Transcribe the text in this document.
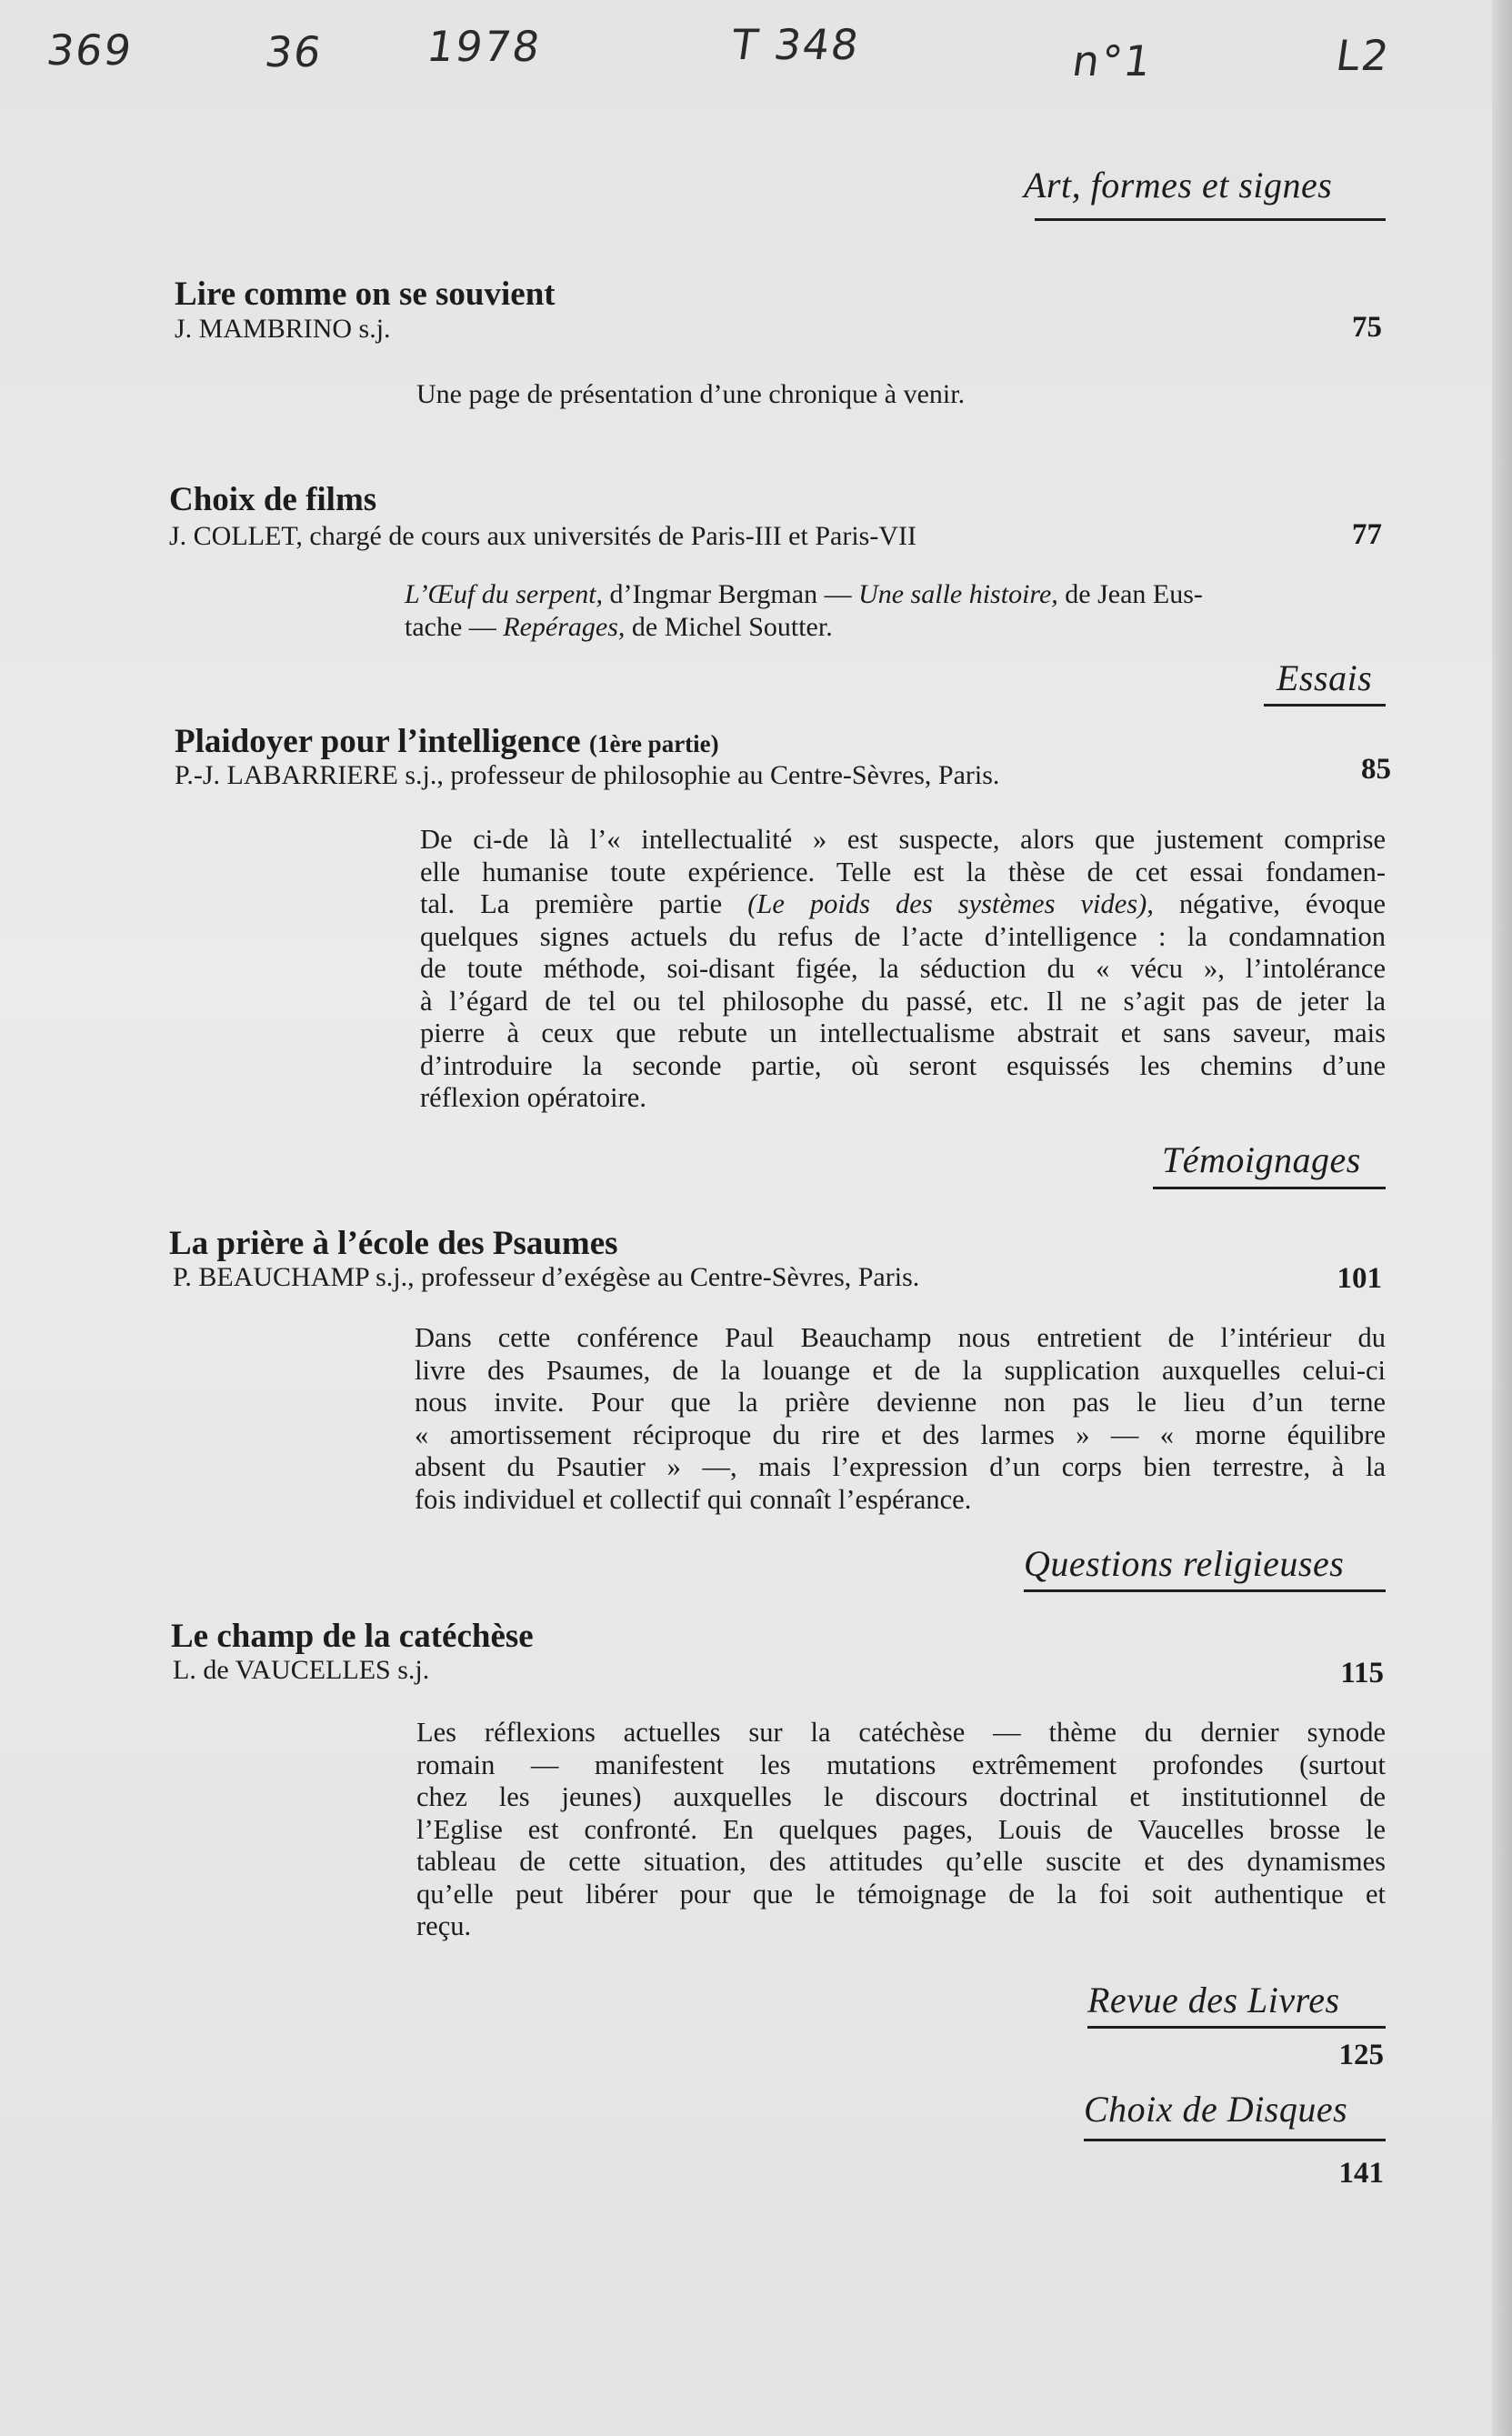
369	36 1978	T 348	n°1	L2
Art, formes et signes
Lire comme on se souvient
J. MAMBRINO s.j.	75
Une page de présentation d’une chronique à venir.
Choix de films
J. COLLET, chargé de cours aux universités de Paris-III et Paris-VII	77
L’Œuf du serpent, d’Ingmar Bergman — Une salle histoire, de Jean Eus-
tache — Repérages, de Michel Soutter.
Essais
Plaidoyer pour l’intelligence (1ère partie)
P.-J. LABARRIERE s.j., professeur de philosophie au Centre-Sèvres, Paris.	85
De ci-de là l’« intellectualité » est suspecte, alors que justement comprise
elle humanise toute expérience. Telle est la thèse de cet essai fondamen-
tal. La première partie (Le poids des systèmes vides), négative, évoque
quelques signes actuels du refus de l’acte d’intelligence : la condamnation
de toute méthode, soi-disant figée, la séduction du « vécu », l’intolérance
à l’égard de tel ou tel philosophe du passé, etc. Il ne s’agit pas de jeter la
pierre à ceux que rebute un intellectualisme abstrait et sans saveur, mais
d’introduire la seconde partie, où seront esquissés les chemins d’une
réflexion opératoire.
Témoignages
La prière à l’école des Psaumes
P. BEAUCHAMP s.j., professeur d’exégèse au Centre-Sèvres, Paris.	101
Dans cette conférence Paul Beauchamp nous entretient de l’intérieur du
livre des Psaumes, de la louange et de la supplication auxquelles celui-ci
nous invite. Pour que la prière devienne non pas le lieu d’un terne
« amortissement réciproque du rire et des larmes » — « morne équilibre
absent du Psautier » —, mais l’expression d’un corps bien terrestre, à la
fois individuel et collectif qui connaît l’espérance.
Questions religieuses
Le champ de la catéchèse
L. de VAUCELLES s.j.	115
Les réflexions actuelles sur la catéchèse — thème du dernier synode
romain — manifestent les mutations extrêmement profondes (surtout
chez les jeunes) auxquelles le discours doctrinal et institutionnel de
l’Eglise est confronté. En quelques pages, Louis de Vaucelles brosse le
tableau de cette situation, des attitudes qu’elle suscite et des dynamismes
qu’elle peut libérer pour que le témoignage de la foi soit authentique et
reçu.
Revue des Livres
125
Choix de Disques
141
